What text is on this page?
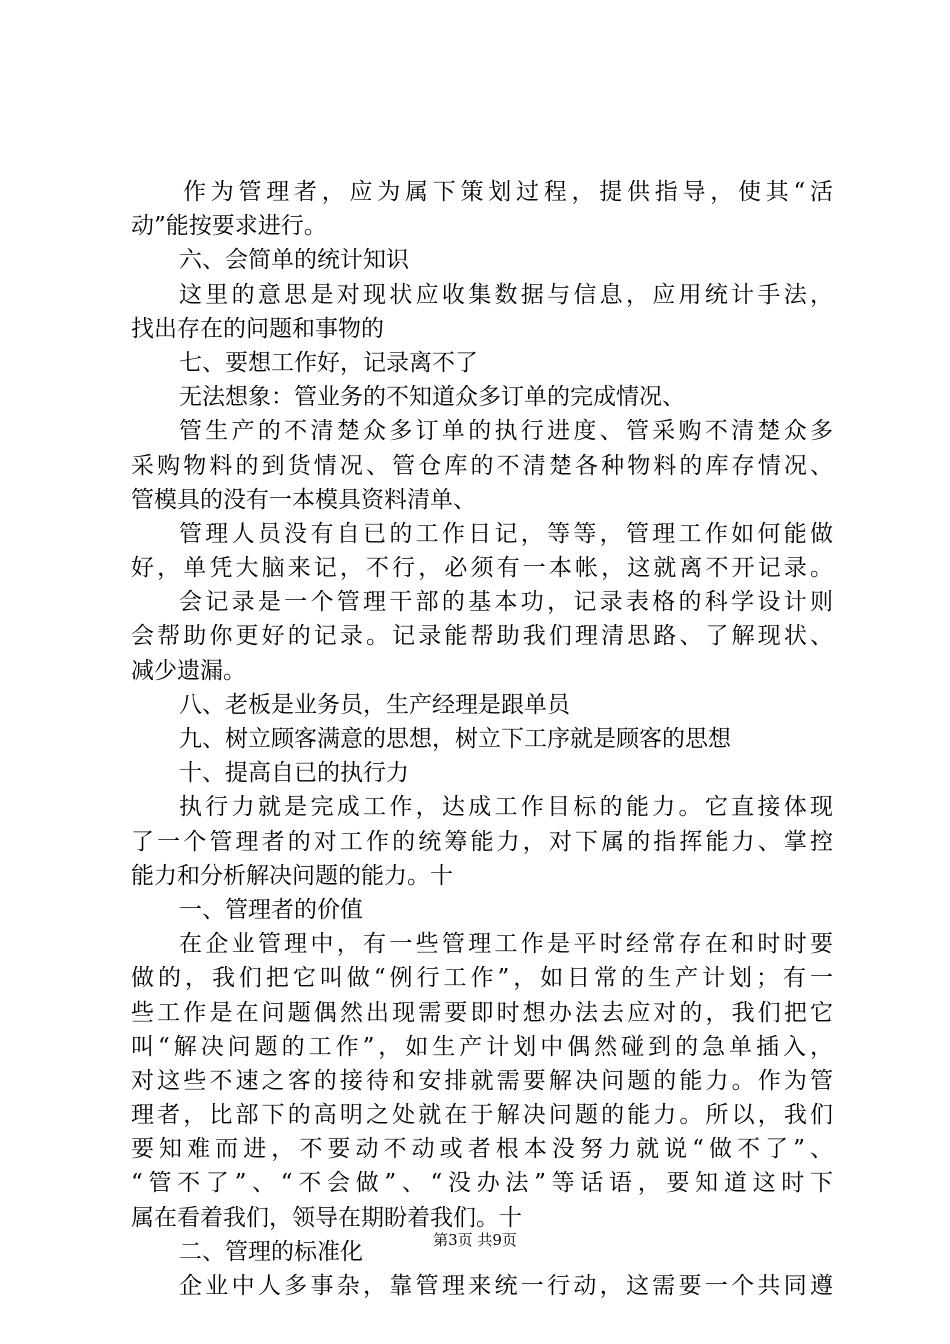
作为管理者，应为属下策划过程，提供指导，使其“活
动”能按要求进行。
六、会简单的统计知识
这里的意思是对现状应收集数据与信息，应用统计手法，
找出存在的问题和事物的
七、要想工作好，记录离不了
无法想象：管业务的不知道众多订单的完成情况、
管生产的不清楚众多订单的执行进度、管采购不清楚众多
采购物料的到货情况、管仓库的不清楚各种物料的库存情况、
管模具的没有一本模具资料清单、
管理人员没有自已的工作日记，等等，管理工作如何能做
好，单凭大脑来记，不行，必须有一本帐，这就离不开记录。
会记录是一个管理干部的基本功，记录表格的科学设计则
会帮助你更好的记录。记录能帮助我们理清思路、了解现状、
减少遗漏。
八、老板是业务员，生产经理是跟单员
九、树立顾客满意的思想，树立下工序就是顾客的思想
十、提高自已的执行力
执行力就是完成工作，达成工作目标的能力。它直接体现
了一个管理者的对工作的统筹能力，对下属的指挥能力、掌控
能力和分析解决问题的能力。十
一、管理者的价值
在企业管理中，有一些管理工作是平时经常存在和时时要
做的，我们把它叫做“例行工作”，如日常的生产计划；有一
些工作是在问题偶然出现需要即时想办法去应对的，我们把它
叫“解决问题的工作”，如生产计划中偶然碰到的急单插入，
对这些不速之客的接待和安排就需要解决问题的能力。作为管
理者，比部下的高明之处就在于解决问题的能力。所以，我们
要知难而进，不要动不动或者根本没努力就说“做不了”、
“管不了”、“不会做”、“没办法”等话语，要知道这时下
属在看着我们，领导在期盼着我们。十
二、管理的标准化
企业中人多事杂，靠管理来统一行动，这需要一个共同遵
第3页 共9页
